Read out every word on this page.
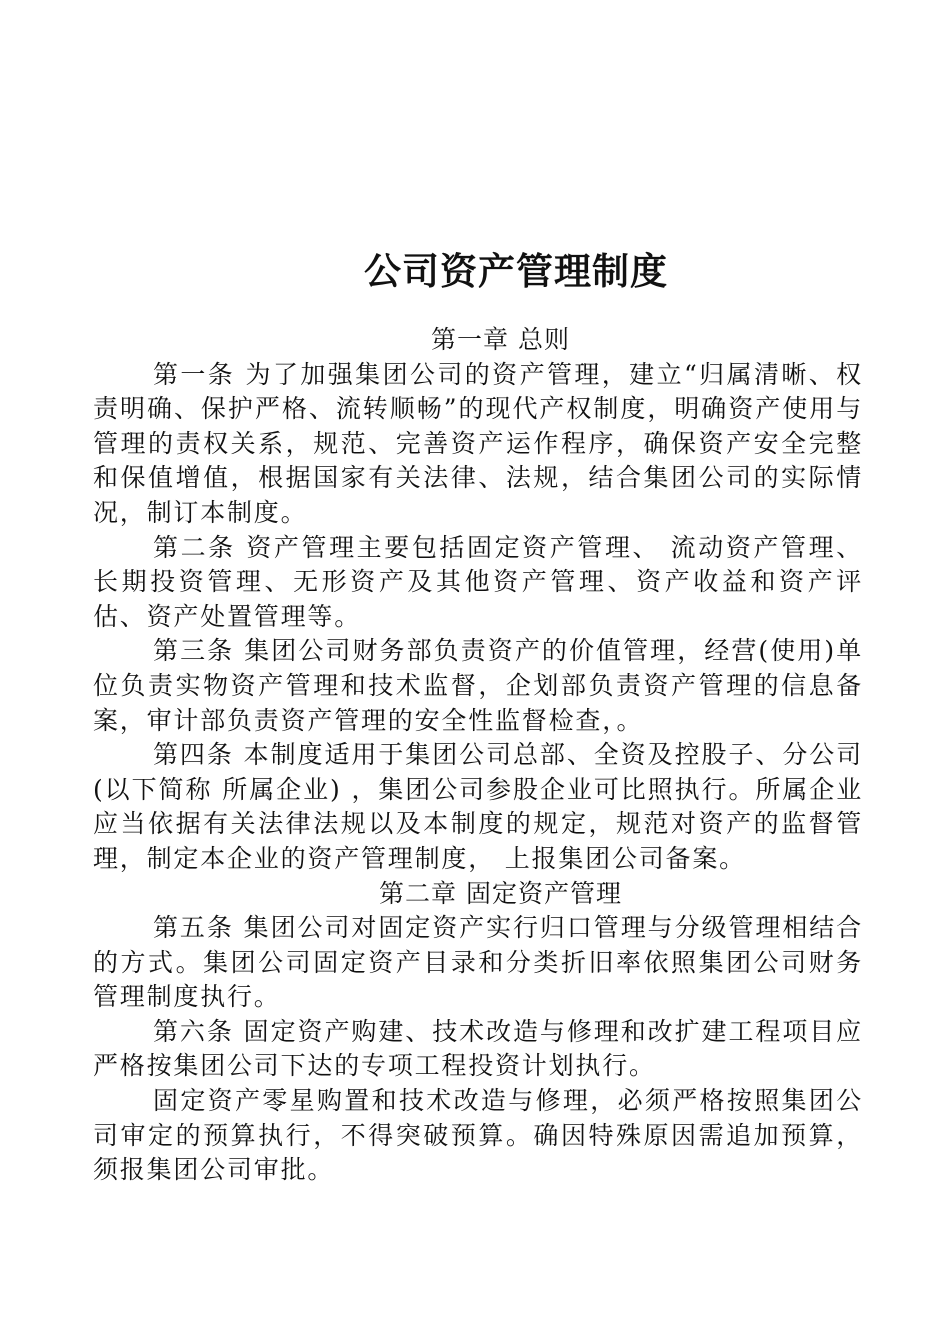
公司资产管理制度
第一章 总则

第一条 为了加强集团公司的资产管理，建立“归属清晰、权责明确、保护严格、流转顺畅”的现代产权制度，明确资产使用与管理的责权关系，规范、完善资产运作程序，确保资产安全完整和保值增值，根据国家有关法律、法规，结合集团公司的实际情况，制订本制度。

第二条 资产管理主要包括固定资产管理、 流动资产管理、长期投资管理、无形资产及其他资产管理、资产收益和资产评估、资产处置管理等。

第三条 集团公司财务部负责资产的价值管理，经营(使用)单位负责实物资产管理和技术监督，企划部负责资产管理的信息备案，审计部负责资产管理的安全性监督检查，。

第四条 本制度适用于集团公司总部、全资及控股子、分公司(以下简称 所属企业) ，集团公司参股企业可比照执行。所属企业应当依据有关法律法规以及本制度的规定，规范对资产的监督管理，制定本企业的资产管理制度， 上报集团公司备案。

第二章 固定资产管理

第五条 集团公司对固定资产实行归口管理与分级管理相结合的方式。集团公司固定资产目录和分类折旧率依照集团公司财务管理制度执行。

第六条 固定资产购建、技术改造与修理和改扩建工程项目应严格按集团公司下达的专项工程投资计划执行。

固定资产零星购置和技术改造与修理，必须严格按照集团公司审定的预算执行，不得突破预算。确因特殊原因需追加预算，须报集团公司审批。
